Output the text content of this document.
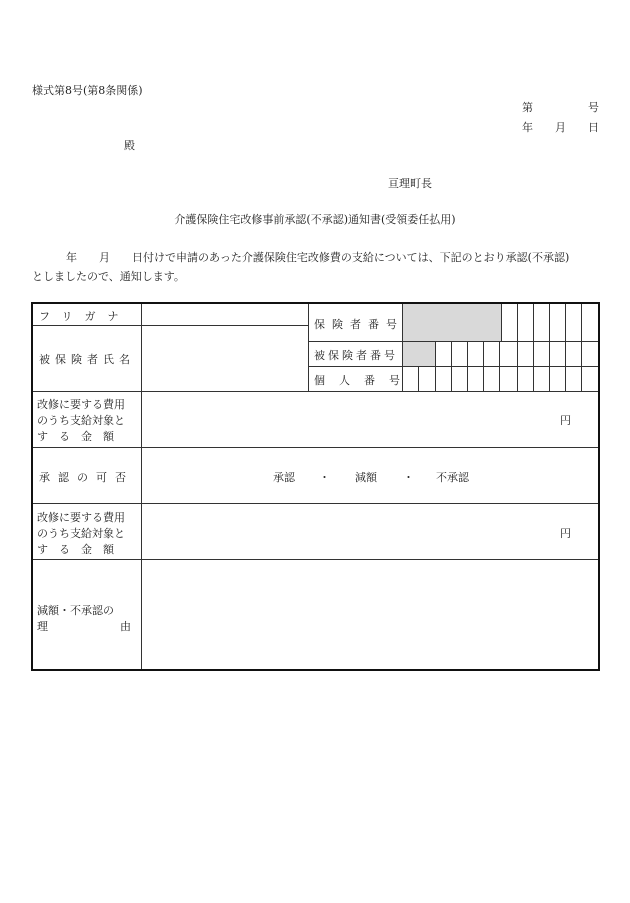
様式第8号(第8条関係)
第　　　　　号
年　　月　　日
殿
亘理町長
介護保険住宅改修事前承認(不承認)通知書(受領委任払用)
年　　月　　日付けで申請のあった介護保険住宅改修費の支給については、下記のとおり承認(不承認)
としましたので、通知します。
フリガナ
被保険者氏名
保険者番号
被保険者番号
個人番号
改修に要する費用
のうち支給対象と
する金額
円
承認の可否	承認 ・ 減額 ・ 不承認
改修に要する費用
のうち支給対象と
する金額
円
減額・不承認の
理由
